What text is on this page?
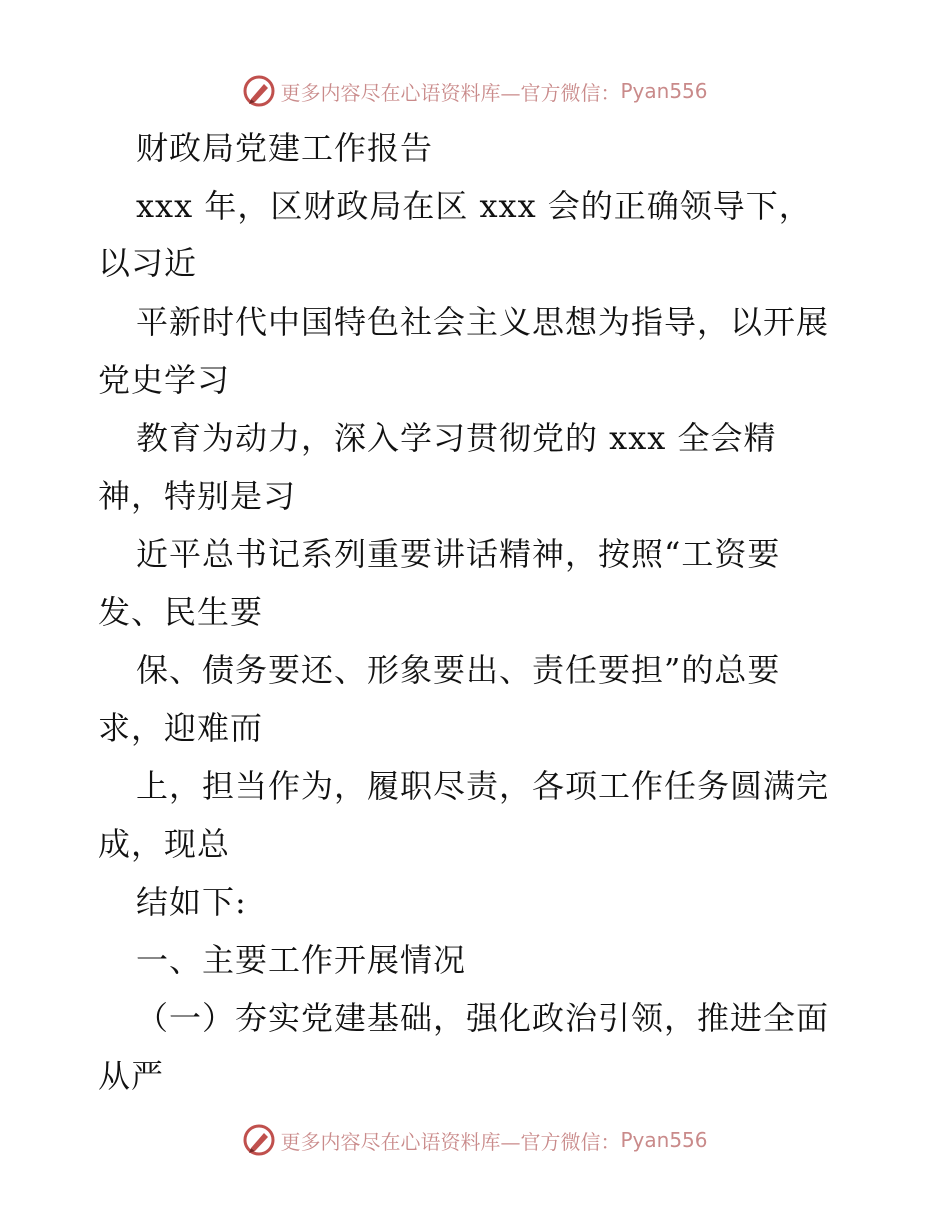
更多内容尽在心语资料库—官方微信： Pyan556
财政局党建工作报告
xxx 年，区财政局在区 xxx 会的正确领导下，
以习近
平新时代中国特色社会主义思想为指导，以开展
党史学习
教育为动力，深入学习贯彻党的 xxx 全会精
神，特别是习
近平总书记系列重要讲话精神，按照“工资要
发、民生要
保、债务要还、形象要出、责任要担”的总要
求，迎难而
上，担当作为，履职尽责，各项工作任务圆满完
成，现总
结如下:
一、主要工作开展情况
（一）夯实党建基础，强化政治引领，推进全面
从严
更多内容尽在心语资料库—官方微信： Pyan556
